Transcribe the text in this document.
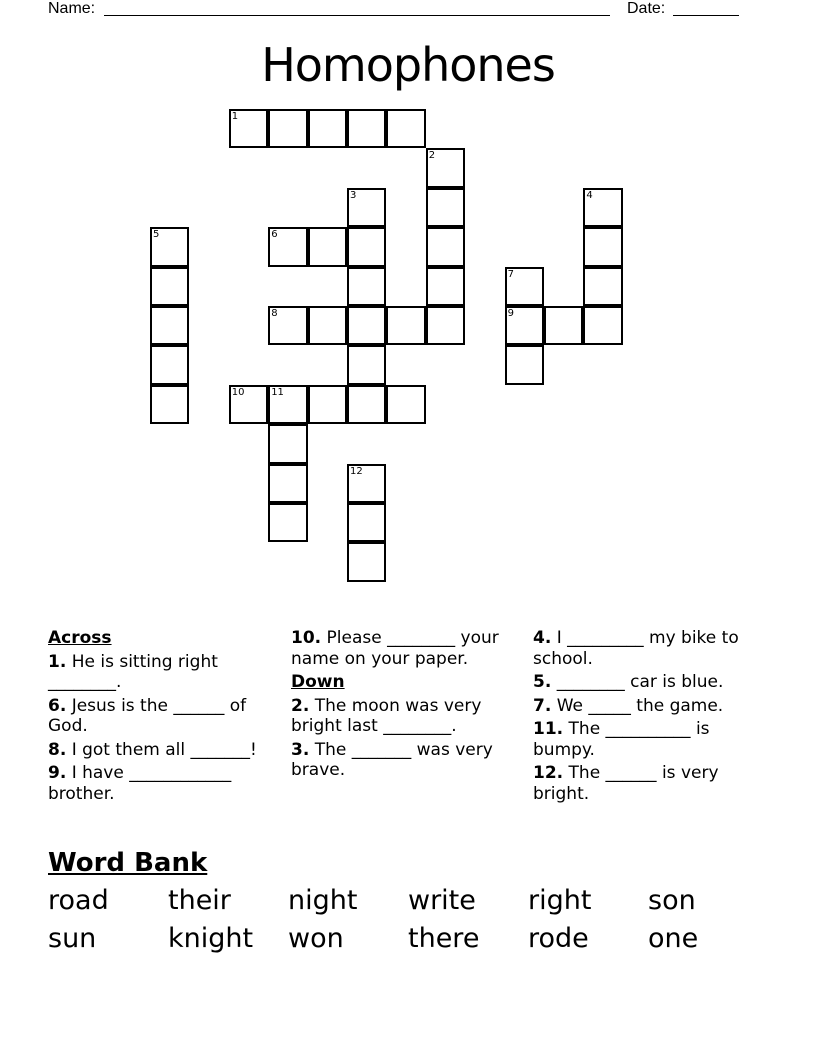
Name:	Date:
Homophones
1
2
3	4
5	6
7
9
8
10	11
12
Across
1. He is sitting right ________.
6. Jesus is the ______ of God.
8. I got them all _______!
9. I have ____________ brother.
10. Please ________ your name on your paper.
Down
2. The moon was very bright last ________.
3. The _______ was very brave.
4. I _________ my bike to school.
5. ________ car is blue.
7. We _____ the game.
11. The __________ is bumpy.
12. The ______ is very bright.
Word Bank
road their night write right son
sun	knight won there rode one
